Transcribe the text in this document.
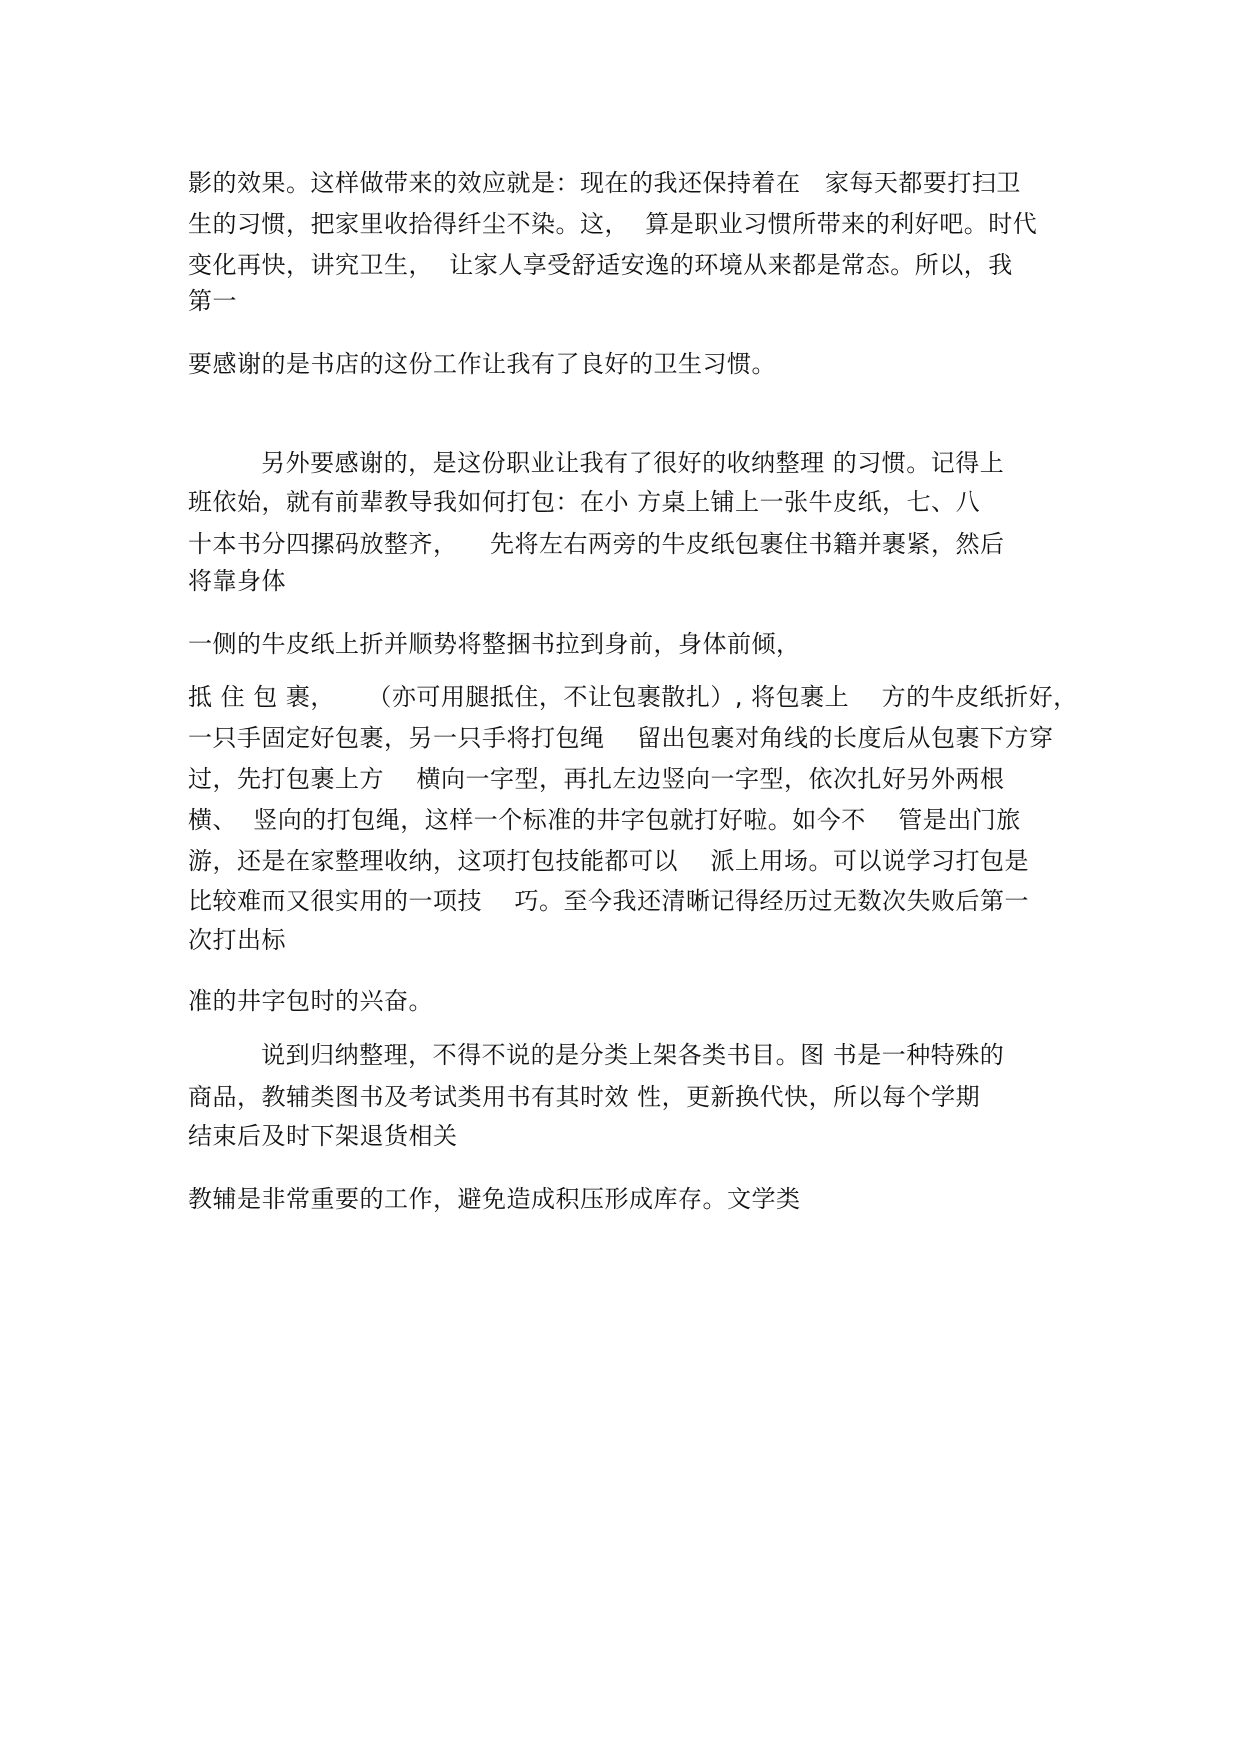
影的效果。这样做带来的效应就是：现在的我还保持着在   家每天都要打扫卫
生的习惯，把家里收拾得纤尘不染。这，  算是职业习惯所带来的利好吧。时代
变化再快，讲究卫生，  让家人享受舒适安逸的环境从来都是常态。所以，我
第一
要感谢的是书店的这份工作让我有了良好的卫生习惯。
另外要感谢的，是这份职业让我有了很好的收纳整理 的习惯。记得上
班依始，就有前辈教导我如何打包：在小 方桌上铺上一张牛皮纸，七、八
十本书分四摞码放整齐，    先将左右两旁的牛皮纸包裹住书籍并裹紧，然后
将靠身体
一侧的牛皮纸上折并顺势将整捆书拉到身前，身体前倾，
抵 住 包 裹，    （亦可用腿抵住，不让包裹散扎）, 将包裹上    方的牛皮纸折好，
一只手固定好包裹，另一只手将打包绳    留出包裹对角线的长度后从包裹下方穿
过，先打包裹上方    横向一字型，再扎左边竖向一字型，依次扎好另外两根
横、  竖向的打包绳，这样一个标准的井字包就打好啦。如今不    管是出门旅
游，还是在家整理收纳，这项打包技能都可以    派上用场。可以说学习打包是
比较难而又很实用的一项技    巧。至今我还清晰记得经历过无数次失败后第一
次打出标
准的井字包时的兴奋。
说到归纳整理，不得不说的是分类上架各类书目。图 书是一种特殊的
商品，教辅类图书及考试类用书有其时效 性，更新换代快，所以每个学期
结束后及时下架退货相关
教辅是非常重要的工作，避免造成积压形成库存。文学类
